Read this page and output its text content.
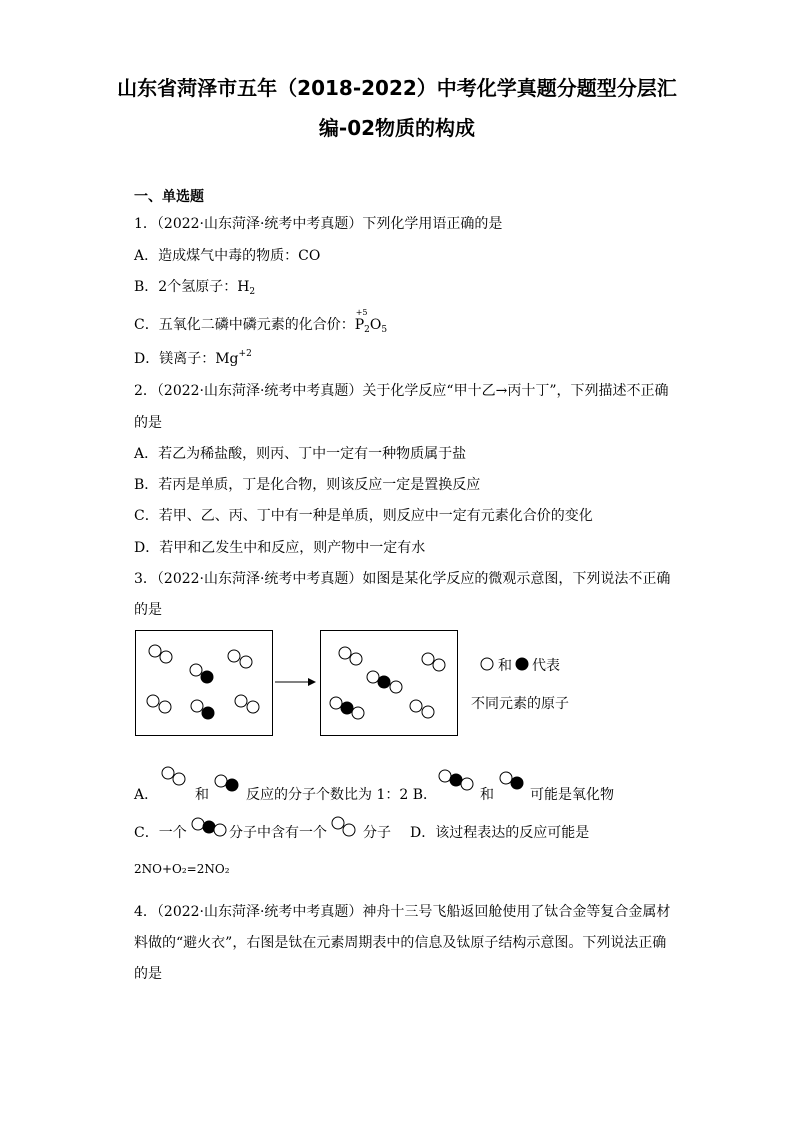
山东省菏泽市五年（2018-2022）中考化学真题分题型分层汇
编-02物质的构成
一、单选题
1．（2022·山东菏泽·统考中考真题）下列化学用语正确的是
A．造成煤气中毒的物质：CO
B．2个氢原子：$H_2$
C．五氧化二磷中磷元素的化合价：
+5
$P_2O_5$
D．镁离子：$Mg^{+2}$
2．（2022·山东菏泽·统考中考真题）关于化学反应“甲十乙→丙十丁”，下列描述不正确
的是
A．若乙为稀盐酸，则丙、丁中一定有一种物质属于盐
B．若丙是单质，丁是化合物，则该反应一定是置换反应
C．若甲、乙、丙、丁中有一种是单质，则反应中一定有元素化合价的变化
D．若甲和乙发生中和反应，则产物中一定有水
3．（2022·山东菏泽·统考中考真题）如图是某化学反应的微观示意图，下列说法不正确
的是
和 代表
不同元素的原子
A．	和	反应的分子个数比为 1：2 B．	和	可能是氧化物
C．一个	分子中含有一个	分子 D．该过程表达的反应可能是
2NO+O₂=2NO₂
4．（2022·山东菏泽·统考中考真题）神舟十三号飞船返回舱使用了钛合金等复合金属材
料做的“避火衣”，右图是钛在元素周期表中的信息及钛原子结构示意图。下列说法正确
的是
